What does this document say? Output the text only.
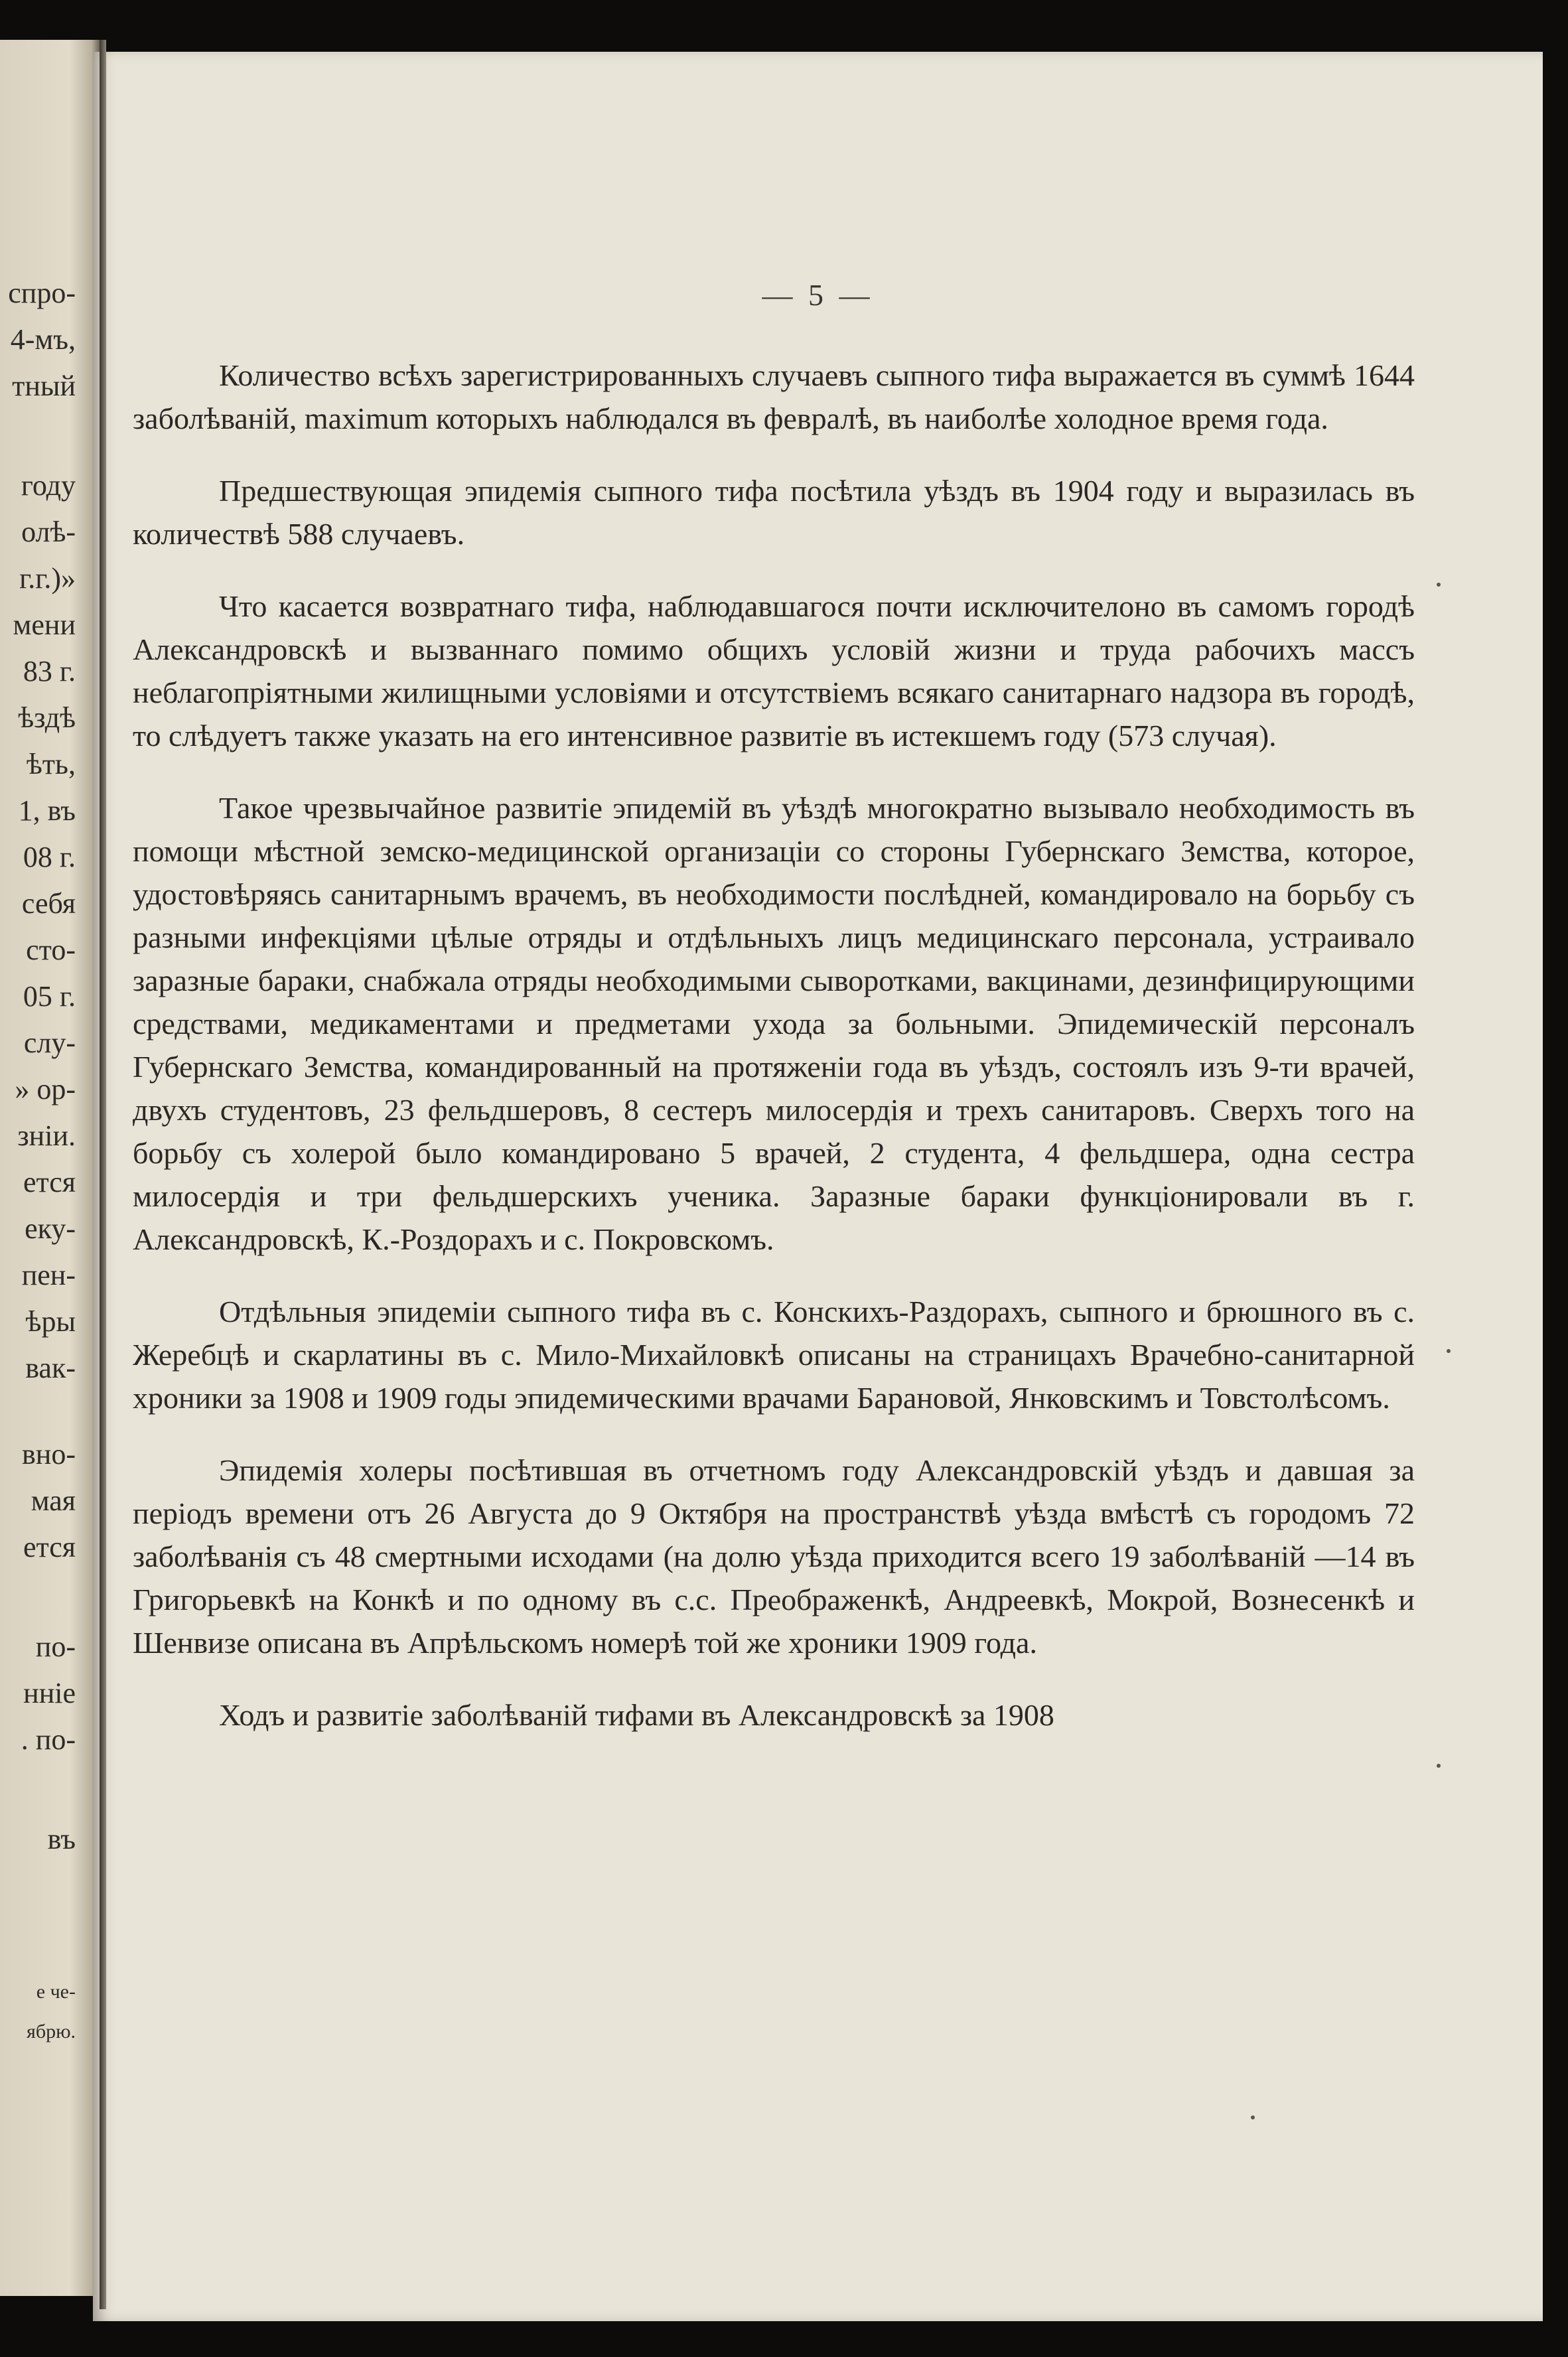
спро-
4-мъ,
тный
году
олѣ-
г.г.)»
мени
83 г.
ѣздѣ
ѣть,
1, въ
08 г.
себя
сто-
05 г.
слу-
» ор-
зніи.
ется
еку-
пен-
ѣры
вак-
вно-
мая
ется
по-
нніе
. по-
въ
е че-
ябрю.
— 5 —

Количество всѣхъ зарегистрированныхъ случаевъ сыпного тифа выражается въ суммѣ 1644 заболѣваній, maximum которыхъ наблюдался въ февралѣ, въ наиболѣе холодное время года.

Предшествующая эпидемія сыпного тифа посѣтила уѣздъ въ 1904 году и выразилась въ количествѣ 588 случаевъ.

Что касается возвратнаго тифа, наблюдавшагося почти исключителоно въ самомъ городѣ Александровскѣ и вызваннаго помимо общихъ условій жизни и труда рабочихъ массъ неблагопріятными жилищными условіями и отсутствіемъ всякаго санитарнаго надзора въ городѣ, то слѣдуетъ также указать на его интенсивное развитіе въ истекшемъ году (573 случая).

Такое чрезвычайное развитіе эпидемій въ уѣздѣ многократно вызывало необходимость въ помощи мѣстной земско-медицинской организаціи со стороны Губернскаго Земства, которое, удостовѣряясь санитарнымъ врачемъ, въ необходимости послѣдней, командировало на борьбу съ разными инфекціями цѣлые отряды и отдѣльныхъ лицъ медицинскаго персонала, устраивало заразные бараки, снабжала отряды необходимыми сыворотками, вакцинами, дезинфицирующими средствами, медикаментами и предметами ухода за больными. Эпидемическій персоналъ Губернскаго Земства, командированный на протяженіи года въ уѣздъ, состоялъ изъ 9-ти врачей, двухъ студентовъ, 23 фельдшеровъ, 8 сестеръ милосердія и трехъ санитаровъ. Сверхъ того на борьбу съ холерой было командировано 5 врачей, 2 студента, 4 фельдшера, одна сестра милосердія и три фельдшерскихъ ученика. Заразные бараки функціонировали въ г. Александровскѣ, К.-Роздорахъ и с. Покровскомъ.

Отдѣльныя эпидеміи сыпного тифа въ с. Конскихъ-Раздорахъ, сыпного и брюшного въ с. Жеребцѣ и скарлатины въ с. Мило-Михайловкѣ описаны на страницахъ Врачебно-санитарной хроники за 1908 и 1909 годы эпидемическими врачами Барановой, Янковскимъ и Товстолѣсомъ.

Эпидемія холеры посѣтившая въ отчетномъ году Александровскій уѣздъ и давшая за періодъ времени отъ 26 Августа до 9 Октября на пространствѣ уѣзда вмѣстѣ съ городомъ 72 заболѣванія съ 48 смертными исходами (на долю уѣзда приходится всего 19 заболѣваній —14 въ Григорьевкѣ на Конкѣ и по одному въ с.с. Преображенкѣ, Андреевкѣ, Мокрой, Вознесенкѣ и Шенвизе описана въ Апрѣльскомъ номерѣ той же хроники 1909 года.

Ходъ и развитіе заболѣваній тифами въ Александровскѣ за 1908
